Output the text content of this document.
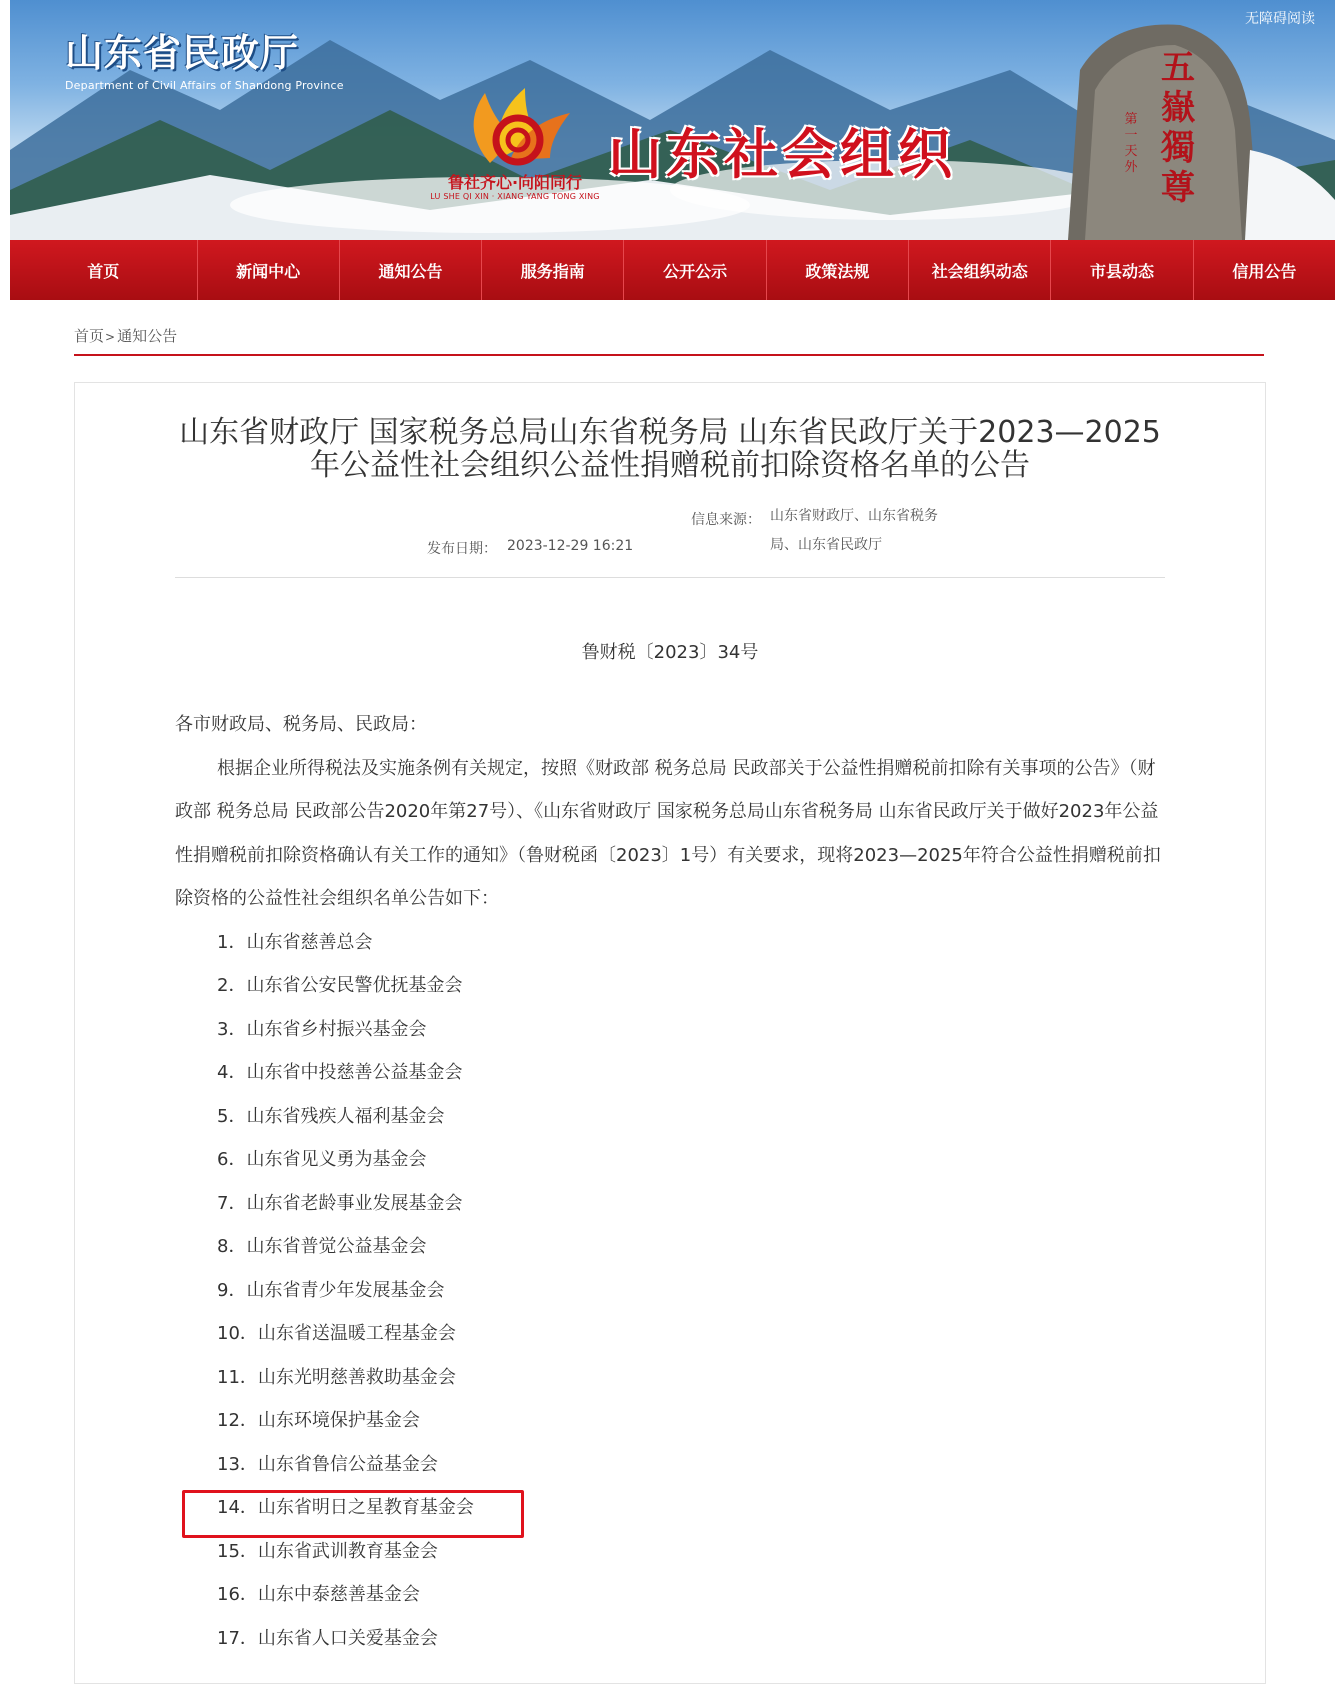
山东省民政厅
Department of Civil Affairs of Shandong Province
无障碍阅读
鲁社齐心·向阳同行
LU SHE QI XIN · XIANG YANG TONG XING
山东社会组织
五嶽獨尊
第一天外
首页	新闻中心	通知公告	服务指南	公开公示	政策法规	社会组织动态	市县动态	信用公告
首页> 通知公告
山东省财政厅 国家税务总局山东省税务局 山东省民政厅关于2023—2025年公益性社会组织公益性捐赠税前扣除资格名单的公告
信息来源： 山东省财政厅、山东省税务局、山东省民政厅
发布日期： 2023-12-29 16:21
鲁财税〔2023〕34号

各市财政局、税务局、民政局：

根据企业所得税法及实施条例有关规定，按照《财政部 税务总局 民政部关于公益性捐赠税前扣除有关事项的公告》（财政部 税务总局 民政部公告2020年第27号）、《山东省财政厅 国家税务总局山东省税务局 山东省民政厅关于做好2023年公益性捐赠税前扣除资格确认有关工作的通知》（鲁财税函〔2023〕1号）有关要求，现将2023—2025年符合公益性捐赠税前扣除资格的公益性社会组织名单公告如下：

1．山东省慈善总会

2．山东省公安民警优抚基金会

3．山东省乡村振兴基金会

4．山东省中投慈善公益基金会

5．山东省残疾人福利基金会

6．山东省见义勇为基金会

7．山东省老龄事业发展基金会

8．山东省普觉公益基金会

9．山东省青少年发展基金会

10．山东省送温暖工程基金会

11．山东光明慈善救助基金会

12．山东环境保护基金会

13．山东省鲁信公益基金会

14．山东省明日之星教育基金会

15．山东省武训教育基金会

16．山东中泰慈善基金会

17．山东省人口关爱基金会
